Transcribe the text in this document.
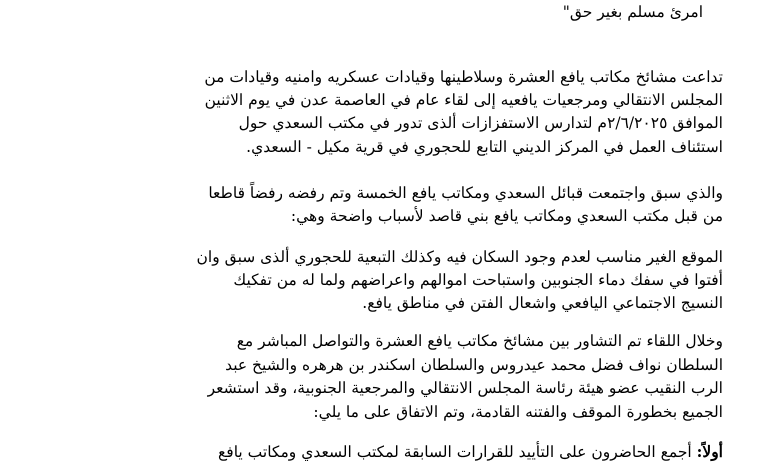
امرئ مسلم بغير حق"
تداعت مشائخ مكاتب يافع العشرة وسلاطينها وقيادات عسكريه وامنيه وقيادات من
المجلس الانتقالي ومرجعيات يافعيه إلى لقاء عام في العاصمة عدن في يوم الاثنين
الموافق ٢/٦/٢٠٢٥م لتدارس الاستفزازات ألذى تدور في مكتب السعدي حول
استئناف العمل في المركز الديني التابع للحجوري في قرية مكيل - السعدي.
والذي سبق واجتمعت قبائل السعدي ومكاتب يافع الخمسة وتم رفضه رفضاً قاطعا
من قبل مكتب السعدي ومكاتب يافع بني قاصد لأسباب واضحة وهي:
الموقع الغير مناسب لعدم وجود السكان فيه وكذلك التبعية للحجوري ألذى سبق وان
أفتوا في سفك دماء الجنوبين واستباحت اموالهم واعراضهم ولما له من تفكيك
النسيج الاجتماعي اليافعي واشعال الفتن في مناطق يافع.
وخلال اللقاء تم التشاور بين مشائخ مكاتب يافع العشرة والتواصل المباشر مع
السلطان نواف فضل محمد عيدروس والسلطان اسكندر بن هرهره والشيخ عبد
الرب النقيب عضو هيئة رئاسة المجلس الانتقالي والمرجعية الجنوبية، وقد استشعر
الجميع بخطورة الموقف والفتنه القادمة، وتم الاتفاق على ما يلي:
أولاً: أجمع الحاضرون على التأييد للقرارات السابقة لمكتب السعدي ومكاتب يافع
